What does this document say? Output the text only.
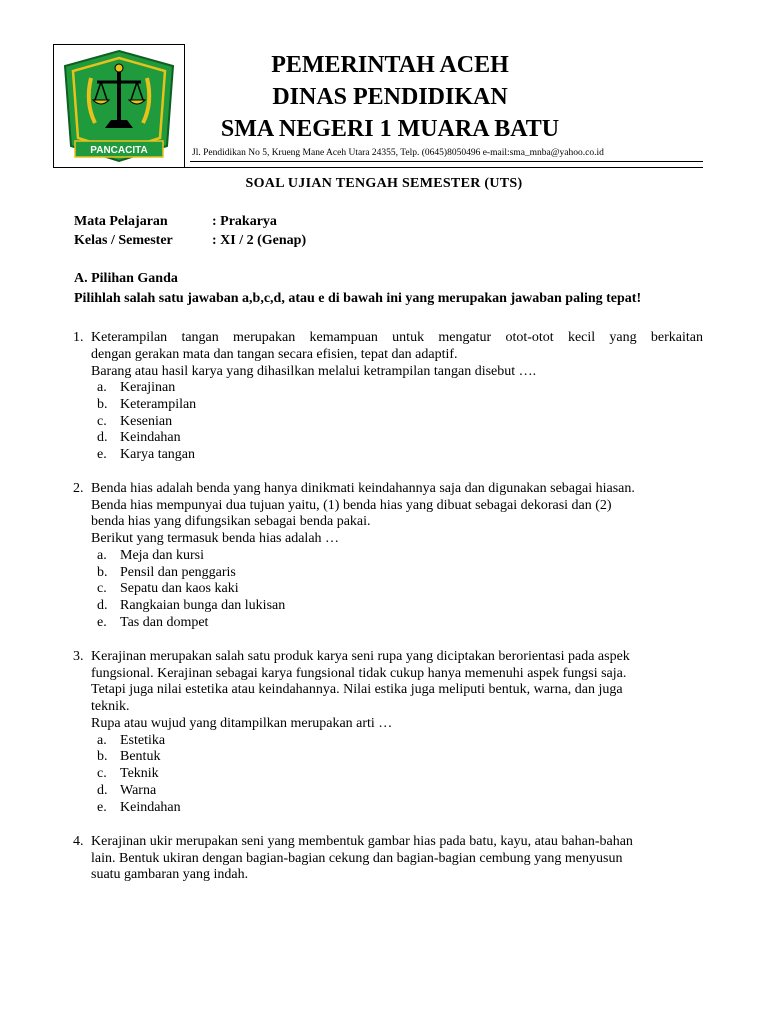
PANCACITA
PEMERINTAH ACEH
DINAS PENDIDIKAN
SMA NEGERI 1 MUARA BATU
Jl. Pendidikan No 5, Krueng Mane Aceh Utara 24355, Telp. (0645)8050496 e-mail:sma_mnba@yahoo.co.id
SOAL UJIAN TENGAH SEMESTER (UTS)
Mata Pelajaran	: Prakarya
Kelas / Semester	: XI / 2 (Genap)
A. Pilihan Ganda
Pilihlah salah satu jawaban a,b,c,d, atau e di bawah ini yang merupakan jawaban paling tepat!
1. Keterampilan tangan merupakan kemampuan untuk mengatur otot-otot kecil yang berkaitan
dengan gerakan mata dan tangan secara efisien, tepat dan adaptif.
Barang atau hasil karya yang dihasilkan melalui ketrampilan tangan disebut ….
a. Kerajinan
b. Keterampilan
c. Kesenian
d. Keindahan
e. Karya tangan
2. Benda hias adalah benda yang hanya dinikmati keindahannya saja dan digunakan sebagai hiasan.
Benda hias mempunyai dua tujuan yaitu, (1) benda hias yang dibuat sebagai dekorasi dan (2)
benda hias yang difungsikan sebagai benda pakai.
Berikut yang termasuk benda hias adalah …
a. Meja dan kursi
b. Pensil dan penggaris
c. Sepatu dan kaos kaki
d. Rangkaian bunga dan lukisan
e. Tas dan dompet
3. Kerajinan merupakan salah satu produk karya seni rupa yang diciptakan berorientasi pada aspek
fungsional. Kerajinan sebagai karya fungsional tidak cukup hanya memenuhi aspek fungsi saja.
Tetapi juga nilai estetika atau keindahannya. Nilai estika juga meliputi bentuk, warna, dan juga
teknik.
Rupa atau wujud yang ditampilkan merupakan arti …
a. Estetika
b. Bentuk
c. Teknik
d. Warna
e. Keindahan
4. Kerajinan ukir merupakan seni yang membentuk gambar hias pada batu, kayu, atau bahan-bahan
lain. Bentuk ukiran dengan bagian-bagian cekung dan bagian-bagian cembung yang menyusun
suatu gambaran yang indah.
